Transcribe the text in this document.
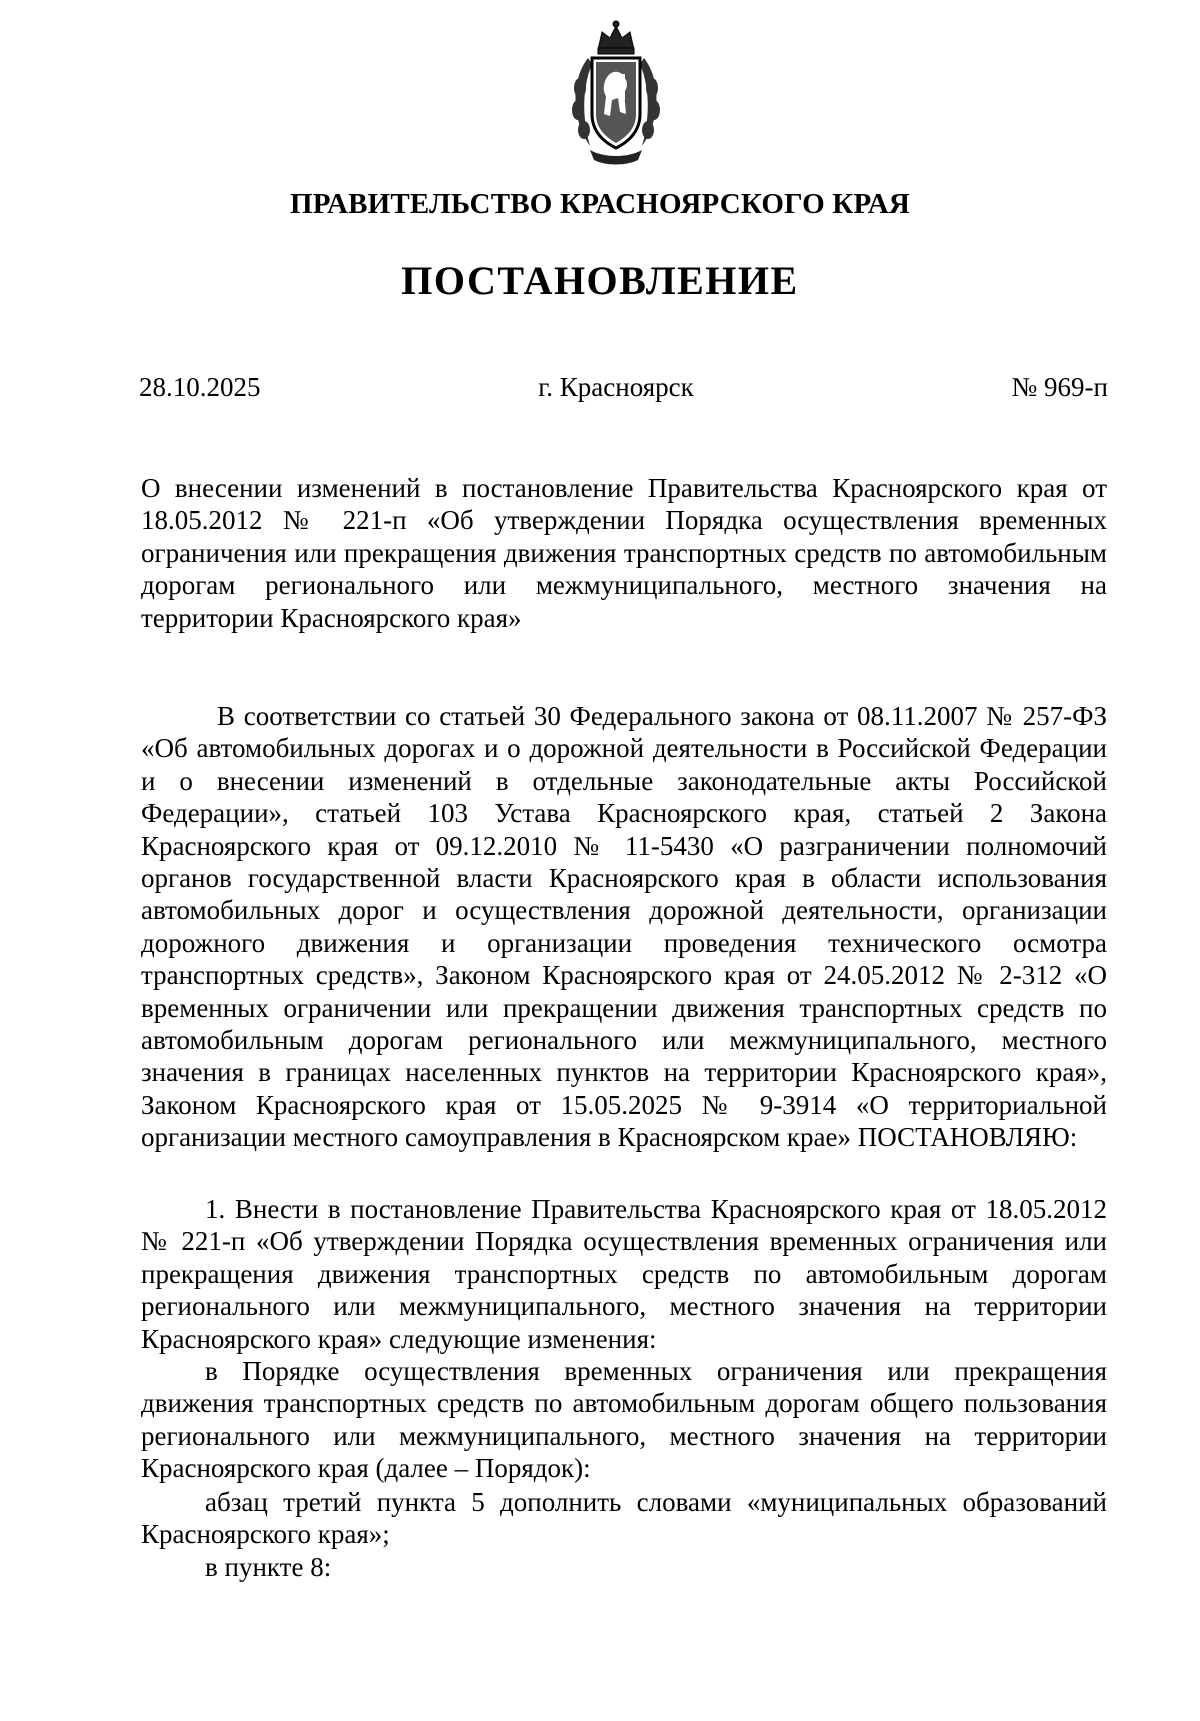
ПРАВИТЕЛЬСТВО КРАСНОЯРСКОГО КРАЯ
ПОСТАНОВЛЕНИЕ
28.10.2025	г. Красноярск	№ 969-п

О внесении изменений в постановление Правительства Красноярского края от 18.05.2012 № 221-п «Об утверждении Порядка осуществления временных ограничения или прекращения движения транспортных средств по автомобильным дорогам регионального или межмуниципального, местного значения на территории Красноярского края»

В соответствии со статьей 30 Федерального закона от 08.11.2007 № 257-ФЗ «Об автомобильных дорогах и о дорожной деятельности в Российской Федерации и о внесении изменений в отдельные законодательные акты Российской Федерации», статьей 103 Устава Красноярского края, статьей 2 Закона Красноярского края от 09.12.2010 № 11-5430 «О разграничении полномочий органов государственной власти Красноярского края в области использования автомобильных дорог и осуществления дорожной деятельности, организации дорожного движения и организации проведения технического осмотра транспортных средств», Законом Красноярского края от 24.05.2012 № 2-312 «О временных ограничении или прекращении движения транспортных средств по автомобильным дорогам регионального или межмуниципального, местного значения в границах населенных пунктов на территории Красноярского края», Законом Красноярского края от 15.05.2025 № 9-3914 «О территориальной организации местного самоуправления в Красноярском крае» ПОСТАНОВЛЯЮ:

1. Внести в постановление Правительства Красноярского края от 18.05.2012 № 221-п «Об утверждении Порядка осуществления временных ограничения или прекращения движения транспортных средств по автомобильным дорогам регионального или межмуниципального, местного значения на территории Красноярского края» следующие изменения:

в Порядке осуществления временных ограничения или прекращения движения транспортных средств по автомобильным дорогам общего пользования регионального или межмуниципального, местного значения на территории Красноярского края (далее – Порядок):

абзац третий пункта 5 дополнить словами «муниципальных образований Красноярского края»;

в пункте 8:
